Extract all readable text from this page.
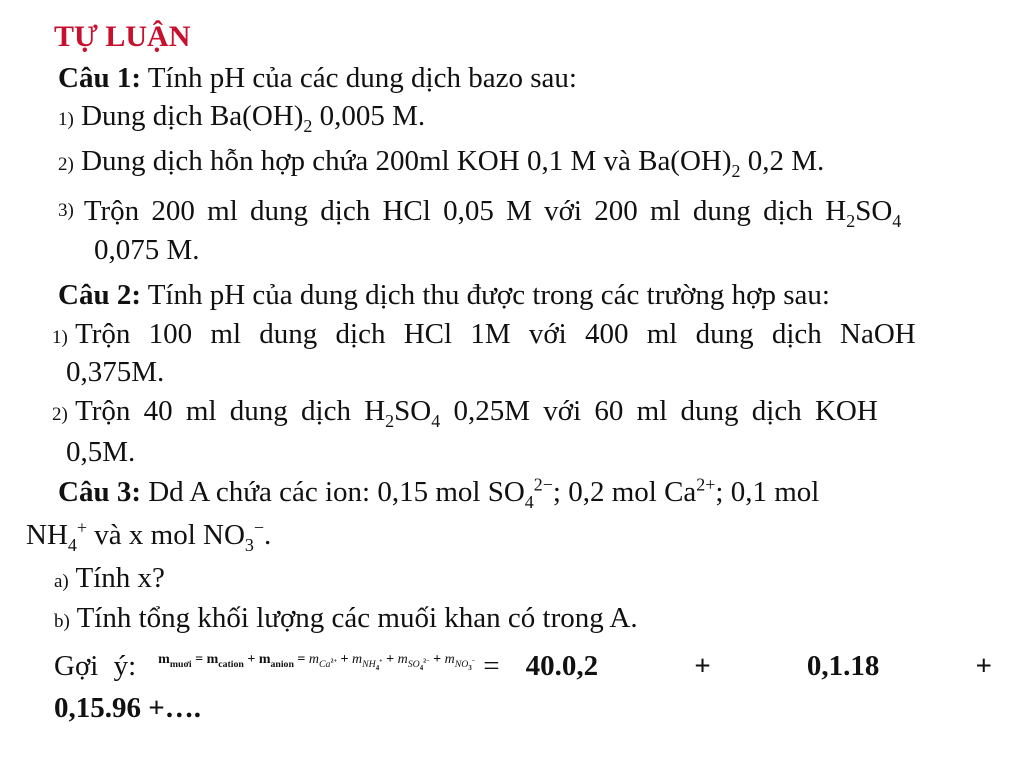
TỰ LUẬN
Câu 1: Tính pH của các dung dịch bazo sau:
1) Dung dịch $Ba(OH)_2$ 0,005 M.
2) Dung dịch hỗn hợp chứa 200ml KOH 0,1 M và $Ba(OH)_2$ 0,2 M.
3) Trộn 200 ml dung dịch HCl 0,05 M với 200 ml dung dịch $H_2SO_4$
0,075 M.
Câu 2: Tính pH của dung dịch thu được trong các trường hợp sau:
1) Trộn 100 ml dung dịch HCl 1M với 400 ml dung dịch NaOH
0,375M.
2) Trộn 40 ml dung dịch $H_2SO_4$ 0,25M với 60 ml dung dịch KOH
0,5M.
Câu 3: Dd A chứa các ion: 0,15 mol $SO_4^{2-}$; 0,2 mol $Ca^{2+}$; 0,1 mol
$NH_4^+$ và x mol $NO_3^-$.
a) Tính x?
b) Tính tổng khối lượng các muối khan có trong A.
Gợi ý: $m_{muơi} = m_{cation} + m_{anion} = m_{Ca^{2+}} + m_{NH_4^+} + m_{SO_4^{2-}} + m_{NO_3^-} = 40.0,2$	+	0,1.18	+
0,15.96 +….
